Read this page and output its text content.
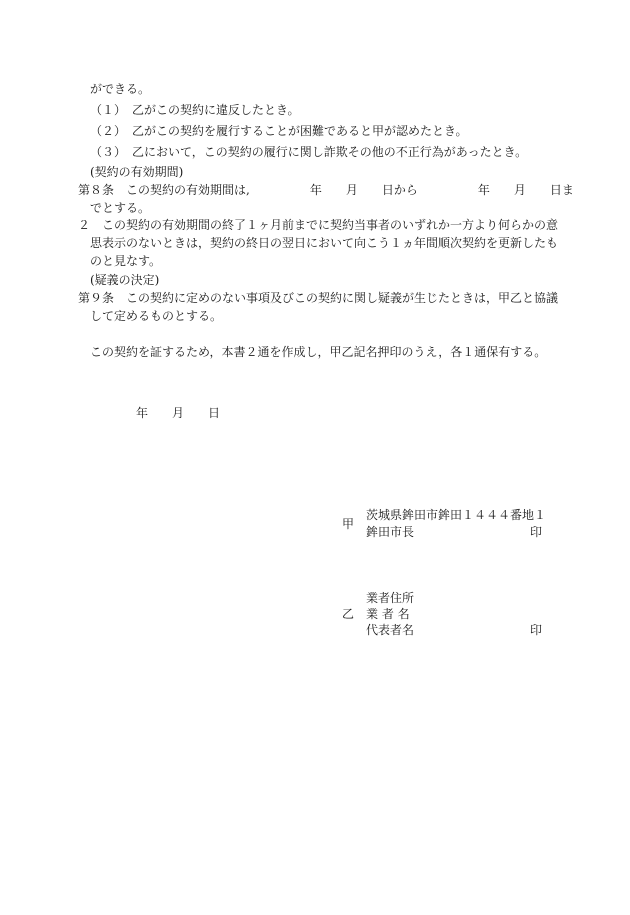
ができる。
（１）　乙がこの契約に違反したとき。
（２）　乙がこの契約を履行することが困難であると甲が認めたとき。
（３）　乙において，この契約の履行に関し詐欺その他の不正行為があったとき。
(契約の有効期間)
第８条　この契約の有効期間は,　　　　　年　　月　　日から　　　　　年　　月　　日ま
でとする。
２　この契約の有効期間の終了１ヶ月前までに契約当事者のいずれか一方より何らかの意
思表示のないときは，契約の終日の翌日において向こう１ヵ年間順次契約を更新したも
のと見なす。
(疑義の決定)
第９条　この契約に定めのない事項及びこの契約に関し疑義が生じたときは，甲乙と協議
して定めるものとする。
この契約を証するため，本書２通を作成し，甲乙記名押印のうえ，各１通保有する。
年　　月　　日
甲
茨城県鉾田市鉾田１４４４番地１
鉾田市長	印
乙
業者住所
業 者 名
代表者名	印
